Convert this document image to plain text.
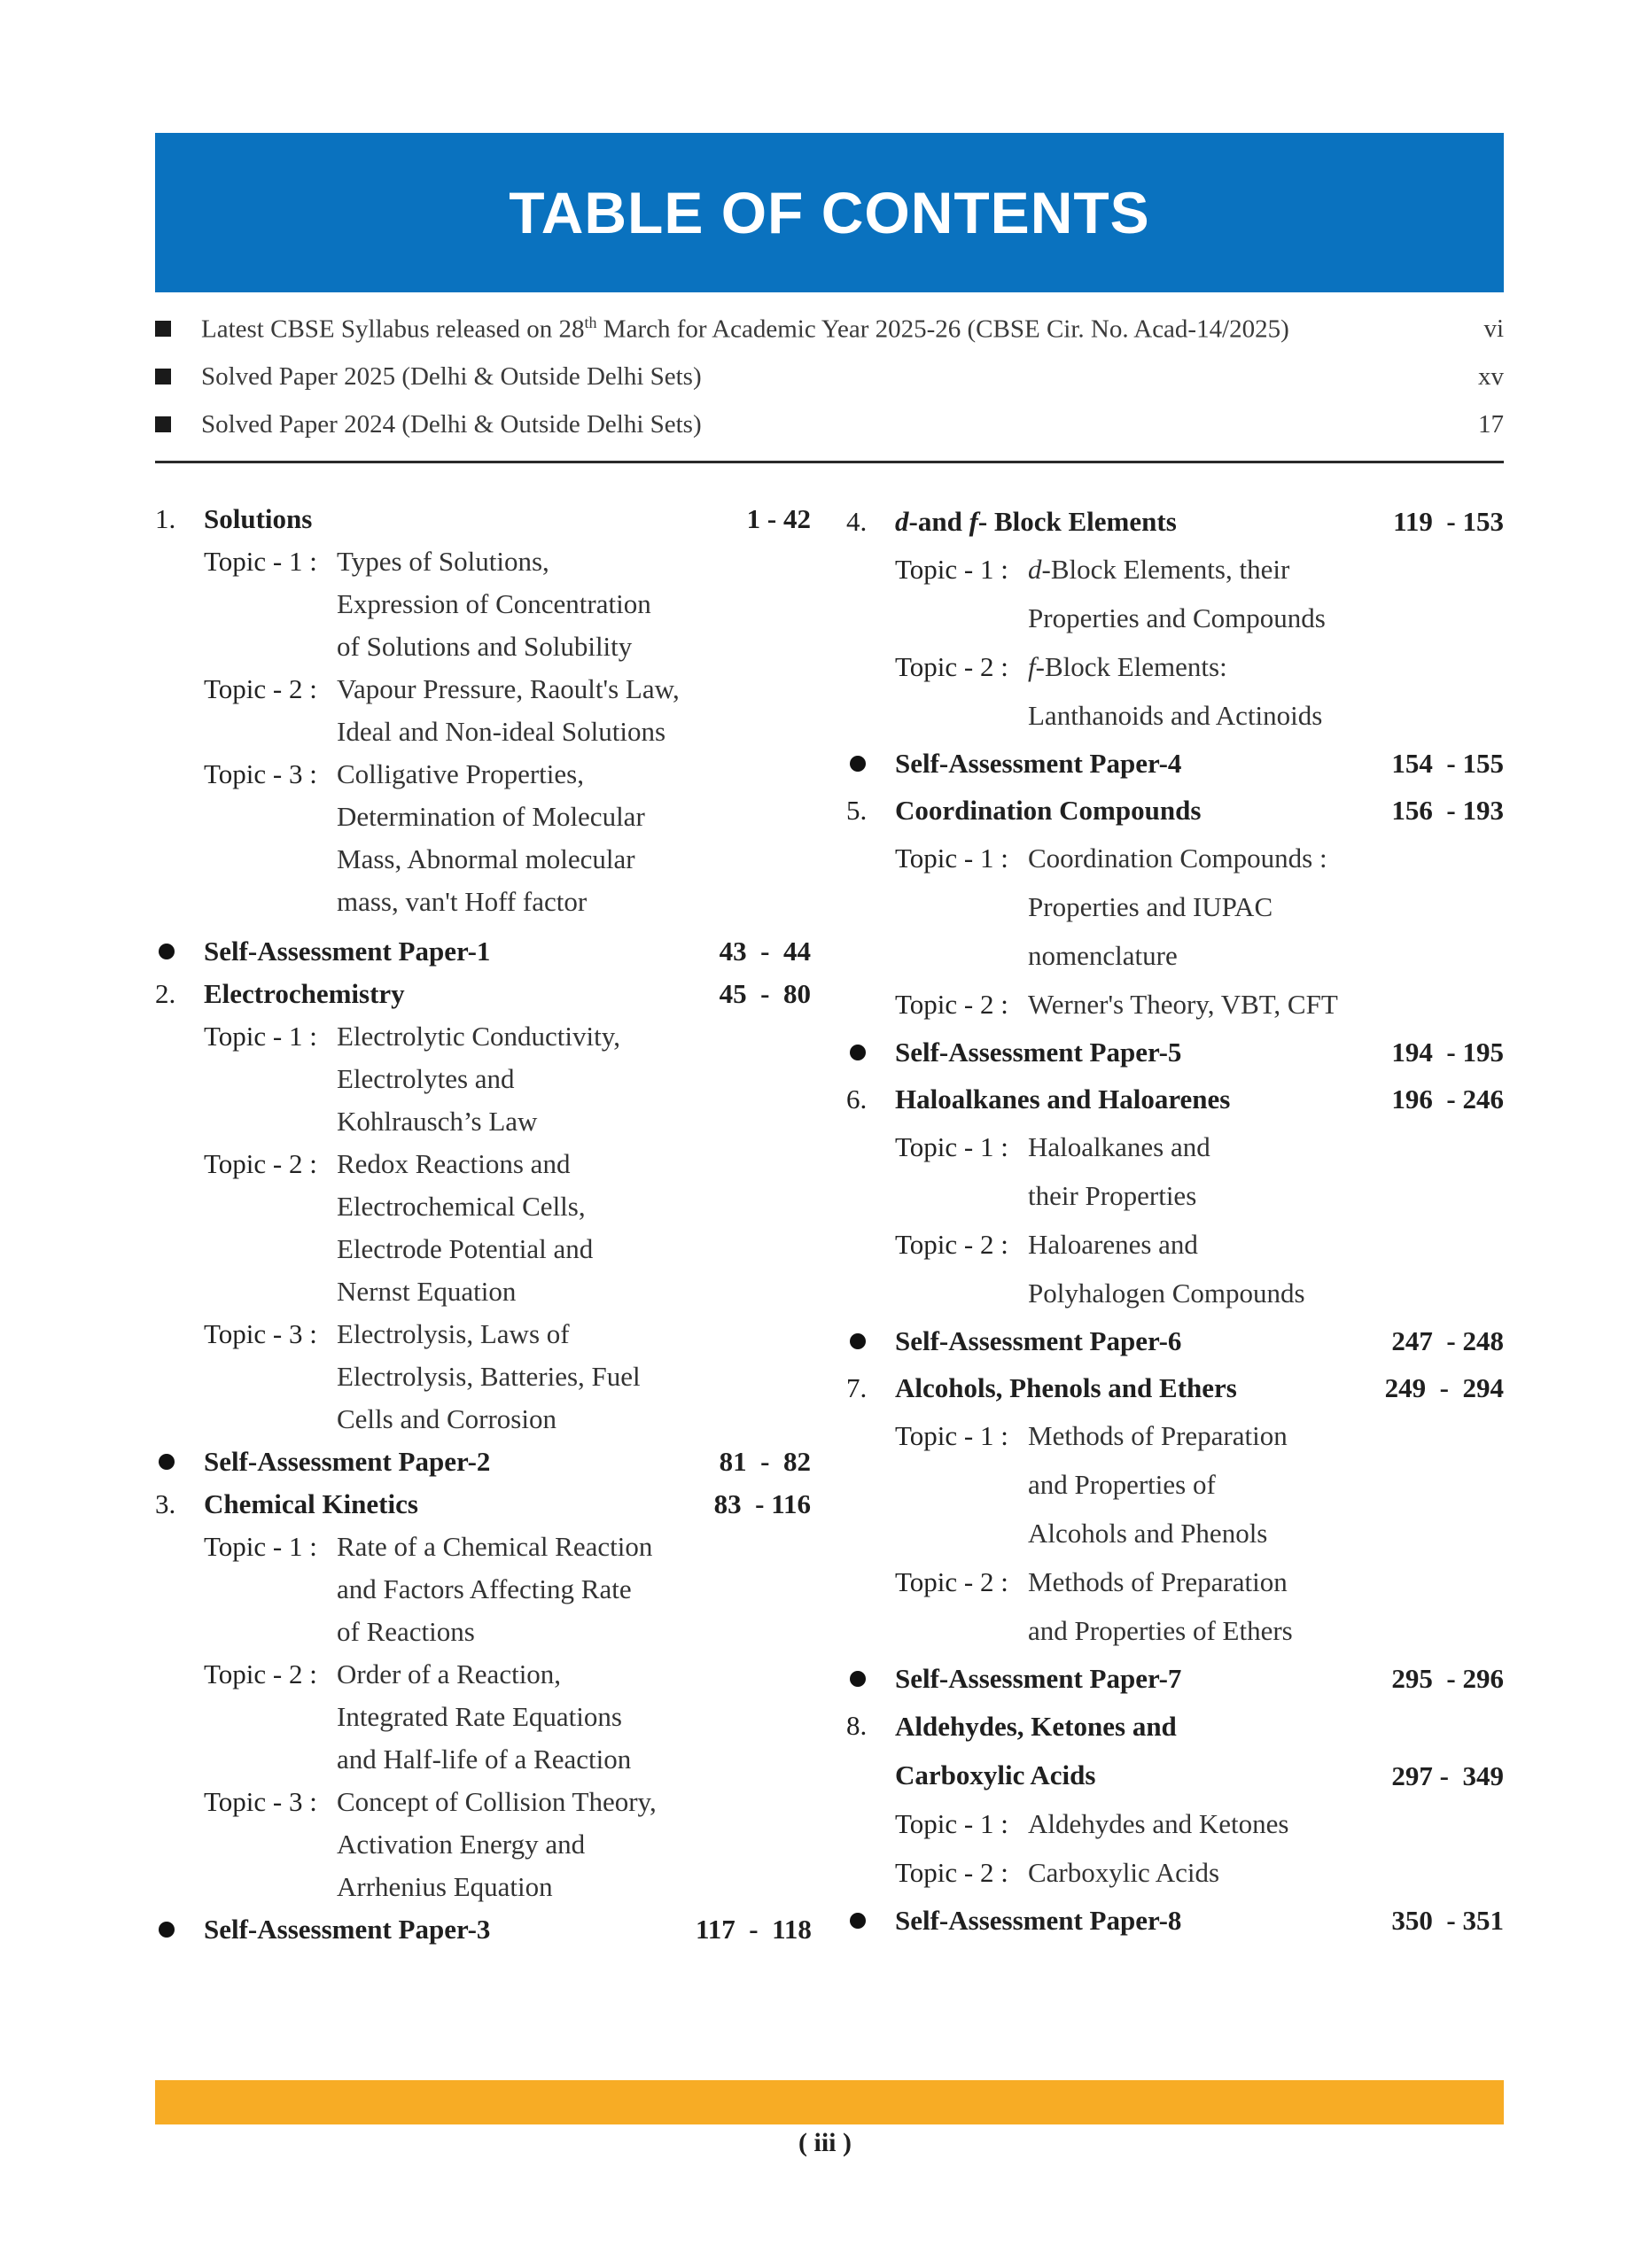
TABLE OF CONTENTS
Latest CBSE Syllabus released on 28th March for Academic Year 2025-26 (CBSE Cir. No. Acad-14/2025)	vi
Solved Paper 2025 (Delhi & Outside Delhi Sets)	xv
Solved Paper 2024 (Delhi & Outside Delhi Sets)	17
1.	Solutions	1 - 42
Topic - 1 : Types of Solutions,
Expression of Concentration
of Solutions and Solubility
Topic - 2 : Vapour Pressure, Raoult's Law,
Ideal and Non-ideal Solutions
Topic - 3 : Colligative Properties,
Determination of Molecular
Mass, Abnormal molecular
mass, van't Hoff factor
Self-Assessment Paper-1	43  -  44
2.	Electrochemistry	45  -  80
Topic - 1 : Electrolytic Conductivity,
Electrolytes and
Kohlrausch’s Law
Topic - 2 : Redox Reactions and
Electrochemical Cells,
Electrode Potential and
Nernst Equation
Topic - 3 : Electrolysis, Laws of
Electrolysis, Batteries, Fuel
Cells and Corrosion
Self-Assessment Paper-2	81  -  82
3.	Chemical Kinetics	83  - 116
Topic - 1 : Rate of a Chemical Reaction
and Factors Affecting Rate
of Reactions
Topic - 2 : Order of a Reaction,
Integrated Rate Equations
and Half-life of a Reaction
Topic - 3 : Concept of Collision Theory,
Activation Energy and
Arrhenius Equation
Self-Assessment Paper-3	117  -  118
4.	d-and f- Block Elements	119  - 153
Topic - 1 : d-Block Elements, their
Properties and Compounds
Topic - 2 : f-Block Elements:
Lanthanoids and Actinoids
Self-Assessment Paper-4	154  - 155
5.	Coordination Compounds	156  - 193
Topic - 1 : Coordination Compounds :
Properties and IUPAC
nomenclature
Topic - 2 : Werner's Theory, VBT, CFT
Self-Assessment Paper-5	194  - 195
6.	Haloalkanes and Haloarenes	196  - 246
Topic - 1 : Haloalkanes and
their Properties
Topic - 2 : Haloarenes and
Polyhalogen Compounds
Self-Assessment Paper-6	247  - 248
7.	Alcohols, Phenols and Ethers	249  -  294
Topic - 1 : Methods of Preparation
and Properties of
Alcohols and Phenols
Topic - 2 : Methods of Preparation
and Properties of Ethers
Self-Assessment Paper-7	295  - 296
8.	Aldehydes, Ketones and
Carboxylic Acids	297 -  349
Topic - 1 : Aldehydes and Ketones
Topic - 2 : Carboxylic Acids
Self-Assessment Paper-8	350  - 351
( iii )
